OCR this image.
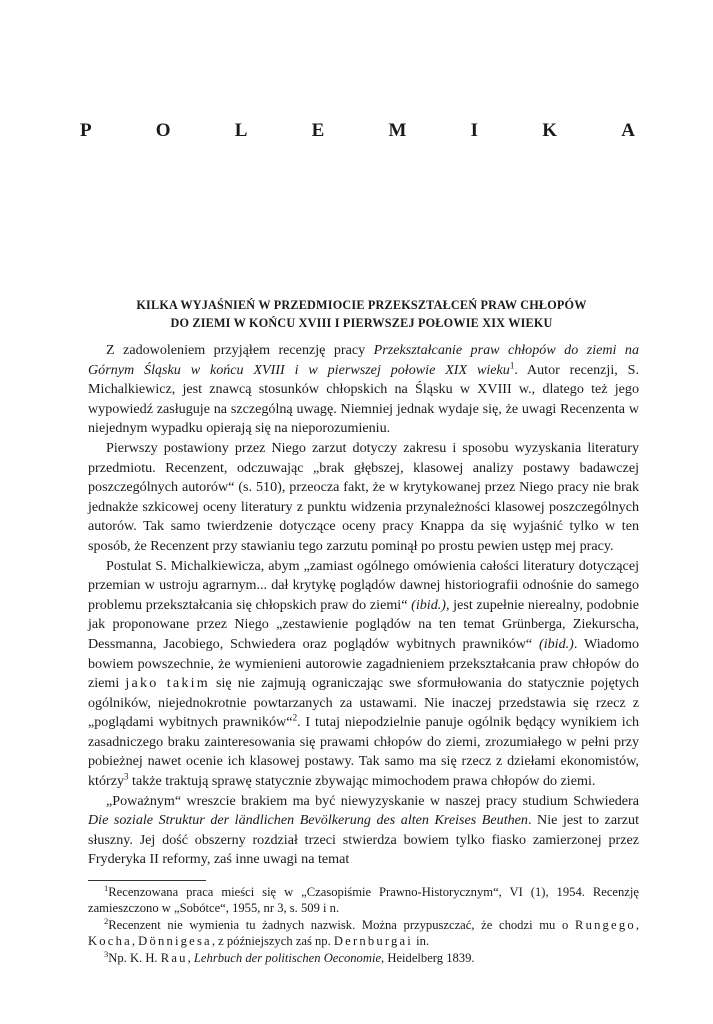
P	O	L	E	M	I	K	A
KILKA WYJAŚNIEŃ W PRZEDMIOCIE PRZEKSZTAŁCEŃ PRAW CHŁOPÓW
DO ZIEMI W KOŃCU XVIII I PIERWSZEJ POŁOWIE XIX WIEKU

Z zadowoleniem przyjąłem recenzję pracy Przekształcanie praw chłopów do ziemi na Górnym Śląsku w końcu XVIII i w pierwszej połowie XIX wieku$^1$. Autor recenzji, S. Michalkiewicz, jest znawcą stosunków chłopskich na Śląsku w XVIII w., dlatego też jego wypowiedź zasługuje na szczególną uwagę. Niemniej jednak wydaje się, że uwagi Recenzenta w niejednym wypadku opierają się na nieporozumieniu.

Pierwszy postawiony przez Niego zarzut dotyczy zakresu i sposobu wyzyskania literatury przedmiotu. Recenzent, odczuwając „brak głębszej, klasowej analizy postawy badawczej poszczególnych autorów“ (s. 510), przeocza fakt, że w krytykowanej przez Niego pracy nie brak jednakże szkicowej oceny literatury z punktu widzenia przynależności klasowej poszczególnych autorów. Tak samo twierdzenie dotyczące oceny pracy Knappa da się wyjaśnić tylko w ten sposób, że Recenzent przy stawianiu tego zarzutu pominął po prostu pewien ustęp mej pracy.

Postulat S. Michalkiewicza, abym „zamiast ogólnego omówienia całości literatury dotyczącej przemian w ustroju agrarnym... dał krytykę poglądów dawnej historiografii odnośnie do samego problemu przekształcania się chłopskich praw do ziemi“ (ibid.), jest zupełnie nierealny, podobnie jak proponowane przez Niego „zestawienie poglądów na ten temat Grünberga, Ziekurscha, Dessmanna, Jacobiego, Schwiedera oraz poglądów wybitnych prawników“ (ibid.). Wiadomo bowiem powszechnie, że wymienieni autorowie zagadnieniem przekształcania praw chłopów do ziemi jako takim się nie zajmują ograniczając swe sformułowania do statycznie pojętych ogólników, niejednokrotnie powtarzanych za ustawami. Nie inaczej przedstawia się rzecz z „poglądami wybitnych prawników“$^2$. I tutaj niepodzielnie panuje ogólnik będący wynikiem ich zasadniczego braku zainteresowania się prawami chłopów do ziemi, zrozumiałego w pełni przy pobieżnej nawet ocenie ich klasowej postawy. Tak samo ma się rzecz z dziełami ekonomistów, którzy$^3$ także traktują sprawę statycznie zbywając mimochodem prawa chłopów do ziemi.

„Poważnym“ wreszcie brakiem ma być niewyzyskanie w naszej pracy studium Schwiedera Die soziale Struktur der ländlichen Bevölkerung des alten Kreises Beuthen. Nie jest to zarzut słuszny. Jej dość obszerny rozdział trzeci stwierdza bowiem tylko fiasko zamierzonej przez Fryderyka II reformy, zaś inne uwagi na temat

$^1$Recenzowana praca mieści się w „Czasopiśmie Prawno-Historycznym“, VI (1), 1954. Recenzję zamieszczono w „Sobótce“, 1955, nr 3, s. 509 i n.

$^2$Recenzent nie wymienia tu żadnych nazwisk. Można przypuszczać, że chodzi mu o Rungego, Kocha, Dönnigesa, z późniejszych zaś np. Dernburgai in.

$^3$Np. K. H. Rau, Lehrbuch der politischen Oeconomie, Heidelberg 1839.
